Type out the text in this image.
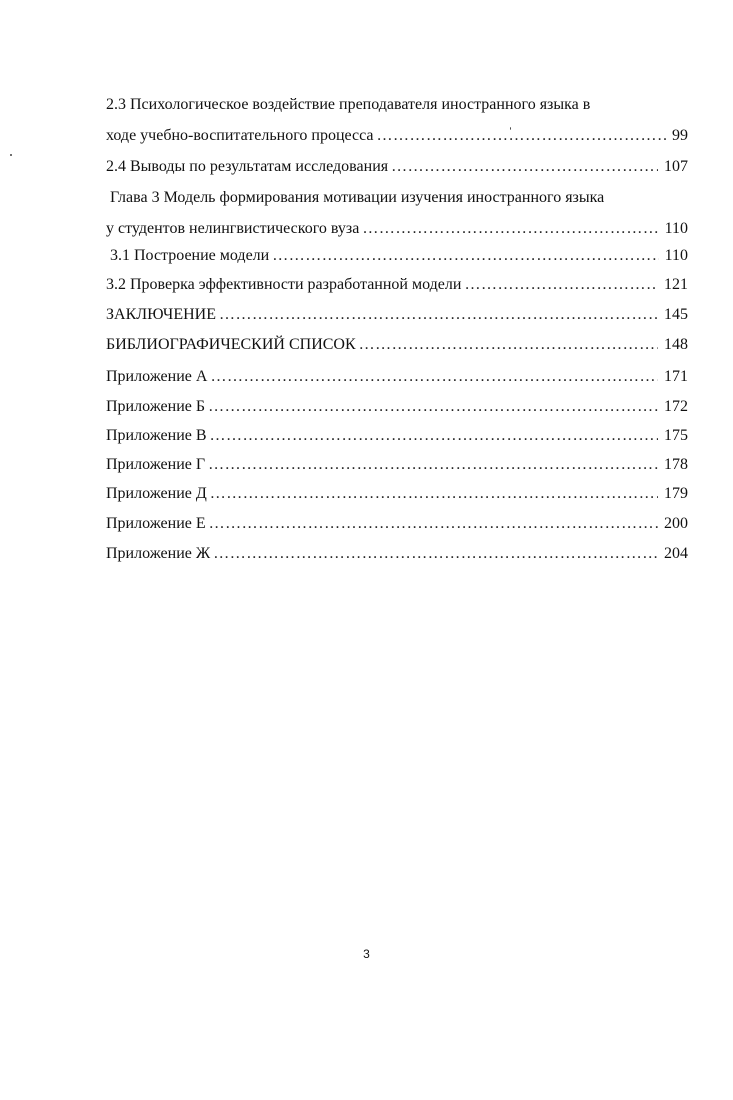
2.3 Психологическое воздействие преподавателя иностранного языка в
ходе учебно-воспитательного процесса ……………………………………………………………………………………………………………………………………………………………………………………………………………………………	99
2.4 Выводы по результатам исследования ……………………………………………………………………………………………………………………………………………………………………………………………………………………………	107
Глава 3 Модель формирования мотивации изучения иностранного языка
у студентов нелингвистического вуза ……………………………………………………………………………………………………………………………………………………………………………………………………………………………	110
3.1 Построение модели ……………………………………………………………………………………………………………………………………………………………………………………………………………………………	110
3.2 Проверка эффективности разработанной модели ……………………………………………………………………………………………………………………………………………………………………………………………………………………………	121
ЗАКЛЮЧЕНИЕ ……………………………………………………………………………………………………………………………………………………………………………………………………………………………	145
БИБЛИОГРАФИЧЕСКИЙ СПИСОК ……………………………………………………………………………………………………………………………………………………………………………………………………………………………	148
Приложение А ……………………………………………………………………………………………………………………………………………………………………………………………………………………………	171
Приложение Б ……………………………………………………………………………………………………………………………………………………………………………………………………………………………	172
Приложение В ……………………………………………………………………………………………………………………………………………………………………………………………………………………………	175
Приложение Г ……………………………………………………………………………………………………………………………………………………………………………………………………………………………	178
Приложение Д ……………………………………………………………………………………………………………………………………………………………………………………………………………………………	179
Приложение Е ……………………………………………………………………………………………………………………………………………………………………………………………………………………………	200
Приложение Ж ……………………………………………………………………………………………………………………………………………………………………………………………………………………………	204
3
